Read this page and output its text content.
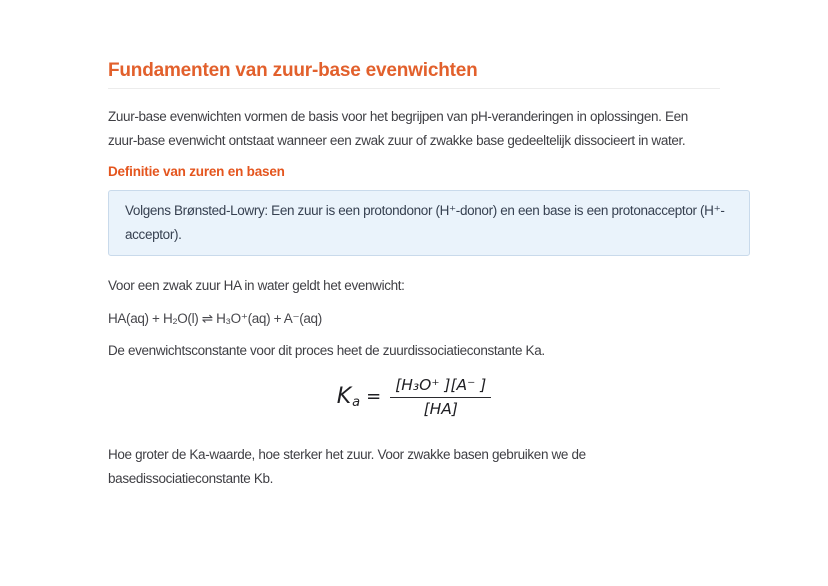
Fundamenten van zuur-base evenwichten

Zuur-base evenwichten vormen de basis voor het begrijpen van pH-veranderingen in oplossingen. Een zuur-base evenwicht ontstaat wanneer een zwak zuur of zwakke base gedeeltelijk dissocieert in water.

Definitie van zuren en basen

Volgens Brønsted-Lowry: Een zuur is een protondonor (H⁺-donor) en een base is een protonacceptor (H⁺-acceptor).

Voor een zwak zuur HA in water geldt het evenwicht:

HA(aq) + H₂O(l) ⇌ H₃O⁺(aq) + A⁻(aq)

De evenwichtsconstante voor dit proces heet de zuurdissociatieconstante Ka.

K $a = \frac{\text{[H₃O⁺ ][A⁻ ]}}{[HA]}$

Hoe groter de Ka-waarde, hoe sterker het zuur. Voor zwakke basen gebruiken we de basedissociatieconstante Kb.
